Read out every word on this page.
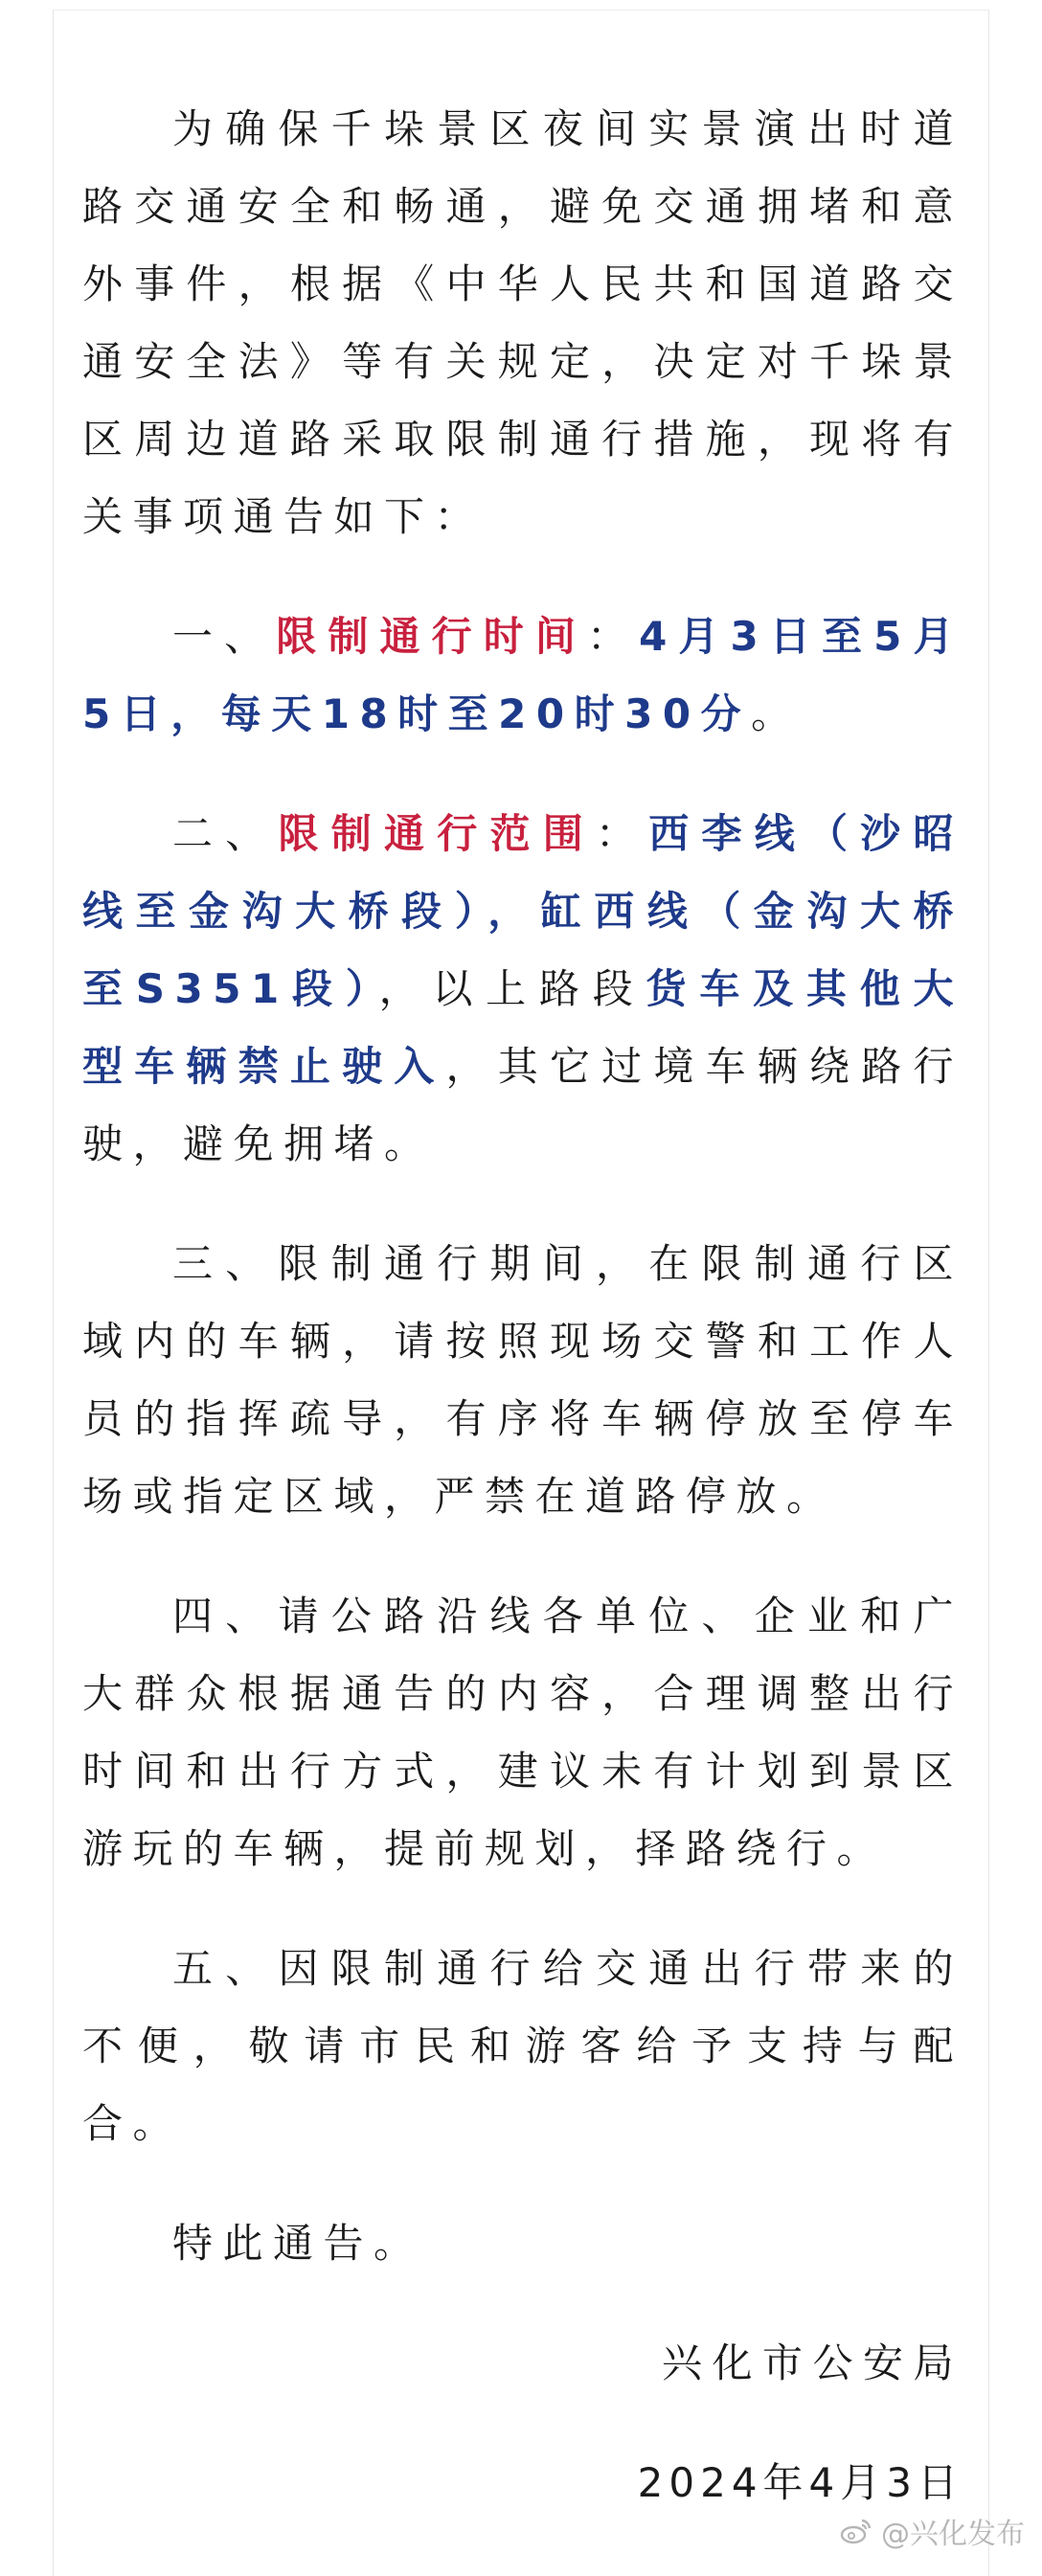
为确保千垛景区夜间实景演出时道路交通安全和畅通，避免交通拥堵和意外事件，根据《中华人民共和国道路交通安全法》等有关规定，决定对千垛景区周边道路采取限制通行措施，现将有关事项通告如下：

一、限制通行时间：4月3日至5月5日，每天18时至20时30分。

二、限制通行范围：西李线（沙昭线至金沟大桥段），缸西线（金沟大桥至S351段），以上路段货车及其他大型车辆禁止驶入，其它过境车辆绕路行驶，避免拥堵。

三、限制通行期间，在限制通行区域内的车辆，请按照现场交警和工作人员的指挥疏导，有序将车辆停放至停车场或指定区域，严禁在道路停放。

四、请公路沿线各单位、企业和广大群众根据通告的内容，合理调整出行时间和出行方式，建议未有计划到景区游玩的车辆，提前规划，择路绕行。

五、因限制通行给交通出行带来的不便，敬请市民和游客给予支持与配合。

特此通告。

兴化市公安局

2024年4月3日

@兴化发布
